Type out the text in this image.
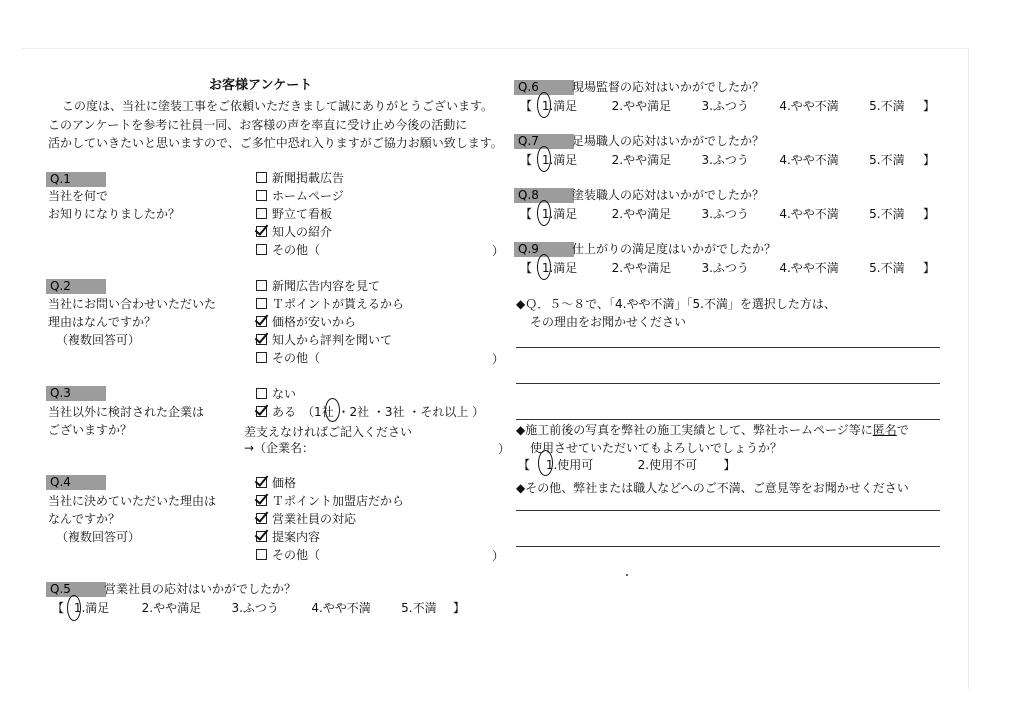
お客様アンケート
この度は、当社に塗装工事をご依頼いただきまして誠にありがとうございます。
このアンケートを参考に社員一同、お客様の声を率直に受け止め今後の活動に
活かしていきたいと思いますので、ご多忙中恐れ入りますがご協力お願い致します。
Q.1
当社を何で
お知りになりましたか？
新聞掲載広告
ホームページ
野立て看板
知人の紹介
その他（	）
Q.2
当社にお問い合わせいただいた
理由はなんですか？
（複数回答可）
新聞広告内容を見て
Ｔポイントが貰えるから
価格が安いから
知人から評判を聞いて
その他（	）
Q.3
当社以外に検討された企業は
ございますか？
ない
ある　（1社 ・2社 ・3社 ・それ以上 ）
差支えなければご記入ください
→（企業名：	）
Q.4
当社に決めていただいた理由は
なんですか？
（複数回答可）
価格
Ｔポイント加盟店だから
営業社員の対応
提案内容
その他（	）
Q.5	営業社員の応対はいかがでしたか？
【 1.満足	2.やや満足	3.ふつう	4.やや不満	5.不満 】
Q.6	現場監督の応対はいかがでしたか？
【 1.満足	2.やや満足	3.ふつう	4.やや不満	5.不満 】
Q.7	足場職人の応対はいかがでしたか？
【 1.満足	2.やや満足	3.ふつう	4.やや不満	5.不満 】
Q.8	塗装職人の応対はいかがでしたか？
【 1.満足	2.やや満足	3.ふつう	4.やや不満	5.不満 】
Q.9	仕上がりの満足度はいかがでしたか？
【 1.満足	2.やや満足	3.ふつう	4.やや不満	5.不満 】
◆Ｑ．５～８で、「4.やや不満」「5.不満」を選択した方は、
その理由をお聞かせください
◆施工前後の写真を弊社の施工実績として、弊社ホームページ等に匿名で
使用させていただいてもよろしいでしょうか？
【 1.使用可	2.使用不可 】
◆その他、弊社または職人などへのご不満、ご意見等をお聞かせください
